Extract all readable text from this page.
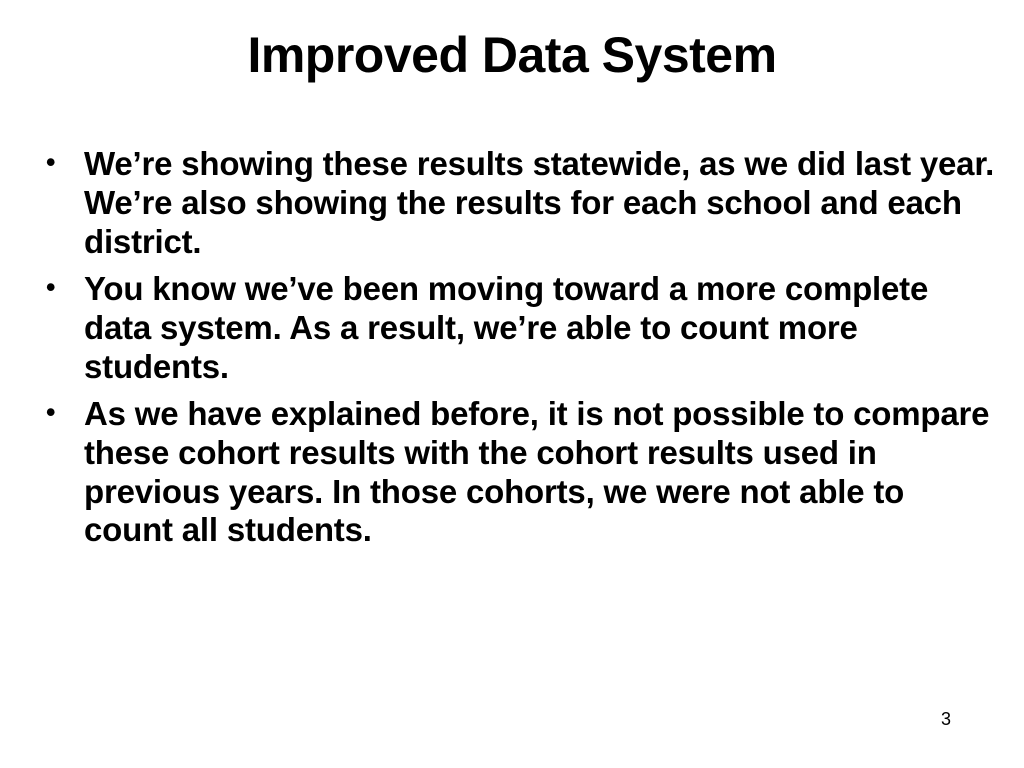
Improved Data System
• We’re showing these results statewide, as we did last year. We’re also showing the results for each school and each district.
• You know we’ve been moving toward a more complete data system. As a result, we’re able to count more students.
• As we have explained before, it is not possible to compare these cohort results with the cohort results used in previous years. In those cohorts, we were not able to count all students.
3
